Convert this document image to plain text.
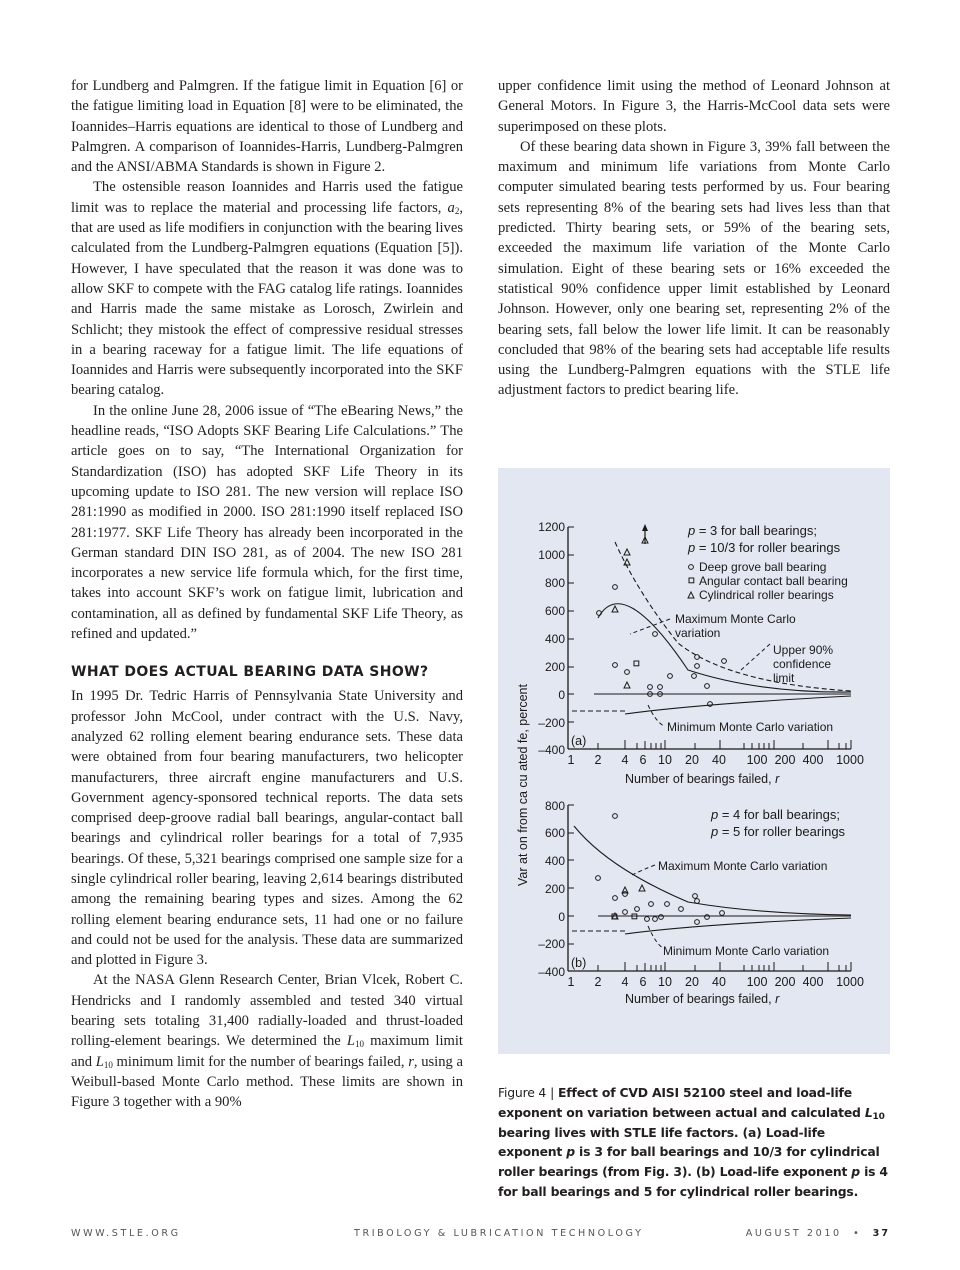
for Lundberg and Palmgren. If the fatigue limit in Equation [6] or the fatigue limiting load in Equation [8] were to be eliminated, the Ioannides–Harris equations are identical to those of Lundberg and Palmgren. A comparison of Ioannides-Harris, Lundberg-Palmgren and the ANSI/ABMA Standards is shown in Figure 2.

The ostensible reason Ioannides and Harris used the fatigue limit was to replace the material and processing life factors, $a_2$, that are used as life modifiers in conjunction with the bearing lives calculated from the Lundberg-Palmgren equations (Equation [5]). However, I have speculated that the reason it was done was to allow SKF to compete with the FAG catalog life ratings. Ioannides and Harris made the same mistake as Lorosch, Zwirlein and Schlicht; they mistook the effect of compressive residual stresses in a bearing raceway for a fatigue limit. The life equations of Ioannides and Harris were subsequently incorporated into the SKF bearing catalog.

In the online June 28, 2006 issue of “The eBearing News,” the headline reads, “ISO Adopts SKF Bearing Life Calculations.” The article goes on to say, “The International Organization for Standardization (ISO) has adopted SKF Life Theory in its upcoming update to ISO 281. The new version will replace ISO 281:1990 as modified in 2000. ISO 281:1990 itself replaced ISO 281:1977. SKF Life Theory has already been incorporated in the German standard DIN ISO 281, as of 2004. The new ISO 281 incorporates a new service life formula which, for the first time, takes into account SKF’s work on fatigue limit, lubrication and contamination, all as defined by fundamental SKF Life Theory, as refined and updated.”

WHAT DOES ACTUAL BEARING DATA SHOW?

In 1995 Dr. Tedric Harris of Pennsylvania State University and professor John McCool, under contract with the U.S. Navy, analyzed 62 rolling element bearing endurance sets. These data were obtained from four bearing manufacturers, two helicopter manufacturers, three aircraft engine manufacturers and U.S. Government agency-sponsored technical reports. The data sets comprised deep-groove radial ball bearings, angular-contact ball bearings and cylindrical roller bearings for a total of 7,935 bearings. Of these, 5,321 bearings comprised one sample size for a single cylindrical roller bearing, leaving 2,614 bearings distributed among the remaining bearing types and sizes. Among the 62 rolling element bearing endurance sets, 11 had one or no failure and could not be used for the analysis. These data are summarized and plotted in Figure 3.

At the NASA Glenn Research Center, Brian Vlcek, Robert C. Hendricks and I randomly assembled and tested 340 virtual bearing sets totaling 31,400 radially-loaded and thrust-loaded rolling-element bearings. We determined the $L_{10}$ maximum limit and $L_{10}$ minimum limit for the number of bearings failed, r, using a Weibull-based Monte Carlo method. These limits are shown in Figure 3 together with a 90%

upper confidence limit using the method of Leonard Johnson at General Motors. In Figure 3, the Harris-McCool data sets were superimposed on these plots.

Of these bearing data shown in Figure 3, 39% fall between the maximum and minimum life variations from Monte Carlo computer simulated bearing tests performed by us. Four bearing sets representing 8% of the bearing sets had lives less than that predicted. Thirty bearing sets, or 59% of the bearing sets, exceeded the maximum life variation of the Monte Carlo simulation. Eight of these bearing sets or 16% exceeded the statistical 90% confidence upper limit established by Leonard Johnson. However, only one bearing set, representing 2% of the bearing sets, fall below the lower life limit. It can be reasonably concluded that 98% of the bearing sets had acceptable life results using the Lundberg-Palmgren equations with the STLE life adjustment factors to predict bearing life.

Var at on from ca cu ated fe, percent
1200
1000
800
600
400
200
0
–200
–400
1 2 4 6 10 20 40 100 200 400 1000
Number of bearings failed, r
(a)
p = 3 for ball bearings;
p = 10/3 for roller bearings
Deep grove ball bearing
Angular contact ball bearing
Cylindrical roller bearings
Maximum Monte Carlo
variation
Upper 90%
confidence
limit
Minimum Monte Carlo variation
800
600
400
200
0
–200
–400
1 2 4 6 10 20 40 100 200 400 1000
Number of bearings failed, r
(b)
p = 4 for ball bearings;
p = 5 for roller bearings
Maximum Monte Carlo variation
Minimum Monte Carlo variation
Figure 4 | Effect of CVD AISI 52100 steel and load-life exponent on variation between actual and calculated $L_{10}$ bearing lives with STLE life factors. (a) Load-life exponent p is 3 for ball bearings and 10/3 for cylindrical roller bearings (from Fig. 3). (b) Load-life exponent p is 4 for ball bearings and 5 for cylindrical roller bearings.
WWW.STLE.ORG	TRIBOLOGY & LUBRICATION TECHNOLOGY	AUGUST 2010 • 37
